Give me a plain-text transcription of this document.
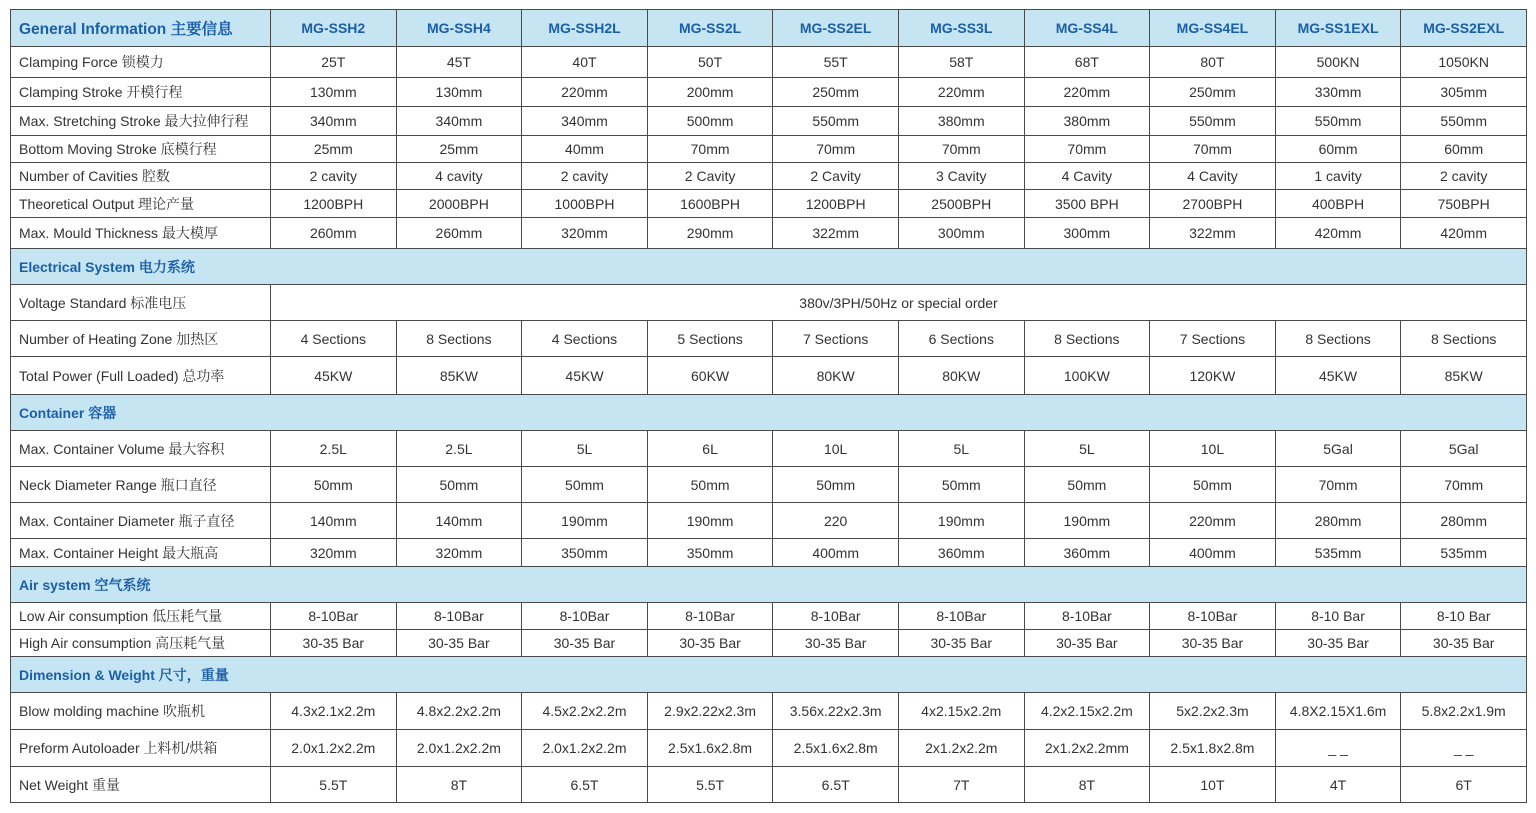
General Information 主要信息	MG-SSH2	MG-SSH4	MG-SSH2L	MG-SS2L	MG-SS2EL	MG-SS3L	MG-SS4L	MG-SS4EL	MG-SS1EXL	MG-SS2EXL
Clamping Force 锁模力	25T	45T	40T	50T	55T	58T	68T	80T	500KN	1050KN
Clamping Stroke 开模行程	130mm	130mm	220mm	200mm	250mm	220mm	220mm	250mm	330mm	305mm
Max. Stretching Stroke 最大拉伸行程	340mm	340mm	340mm	500mm	550mm	380mm	380mm	550mm	550mm	550mm
Bottom Moving Stroke 底模行程	25mm	25mm	40mm	70mm	70mm	70mm	70mm	70mm	60mm	60mm
Number of Cavities 腔数	2 cavity	4 cavity	2 cavity	2 Cavity	2 Cavity	3 Cavity	4 Cavity	4 Cavity	1 cavity	2 cavity
Theoretical Output 理论产量	1200BPH	2000BPH	1000BPH	1600BPH	1200BPH	2500BPH	3500 BPH	2700BPH	400BPH	750BPH
Max. Mould Thickness 最大模厚	260mm	260mm	320mm	290mm	322mm	300mm	300mm	322mm	420mm	420mm
Electrical System 电力系统										
Voltage Standard 标准电压	380v/3PH/50Hz or special order									
Number of Heating Zone 加热区	4 Sections	8 Sections	4 Sections	5 Sections	7 Sections	6 Sections	8 Sections	7 Sections	8 Sections	8 Sections
Total Power (Full Loaded) 总功率	45KW	85KW	45KW	60KW	80KW	80KW	100KW	120KW	45KW	85KW
Container 容器										
Max. Container Volume 最大容积	2.5L	2.5L	5L	6L	10L	5L	5L	10L	5Gal	5Gal
Neck Diameter Range 瓶口直径	50mm	50mm	50mm	50mm	50mm	50mm	50mm	50mm	70mm	70mm
Max. Container Diameter 瓶子直径	140mm	140mm	190mm	190mm	220	190mm	190mm	220mm	280mm	280mm
Max. Container Height 最大瓶高	320mm	320mm	350mm	350mm	400mm	360mm	360mm	400mm	535mm	535mm
Air system 空气系统										
Low Air consumption 低压耗气量	8-10Bar	8-10Bar	8-10Bar	8-10Bar	8-10Bar	8-10Bar	8-10Bar	8-10Bar	8-10 Bar	8-10 Bar
High Air consumption 高压耗气量	30-35 Bar	30-35 Bar	30-35 Bar	30-35 Bar	30-35 Bar	30-35 Bar	30-35 Bar	30-35 Bar	30-35 Bar	30-35 Bar
Dimension & Weight 尺寸，重量										
Blow molding machine 吹瓶机	4.3x2.1x2.2m	4.8x2.2x2.2m	4.5x2.2x2.2m	2.9x2.22x2.3m	3.56x.22x2.3m	4x2.15x2.2m	4.2x2.15x2.2m	5x2.2x2.3m	4.8X2.15X1.6m	5.8x2.2x1.9m
Preform Autoloader 上料机/烘箱	2.0x1.2x2.2m	2.0x1.2x2.2m	2.0x1.2x2.2m	2.5x1.6x2.8m	2.5x1.6x2.8m	2x1.2x2.2m	2x1.2x2.2mm	2.5x1.8x2.8m	_ _	_ _
Net Weight 重量	5.5T	8T	6.5T	5.5T	6.5T	7T	8T	10T	4T	6T
